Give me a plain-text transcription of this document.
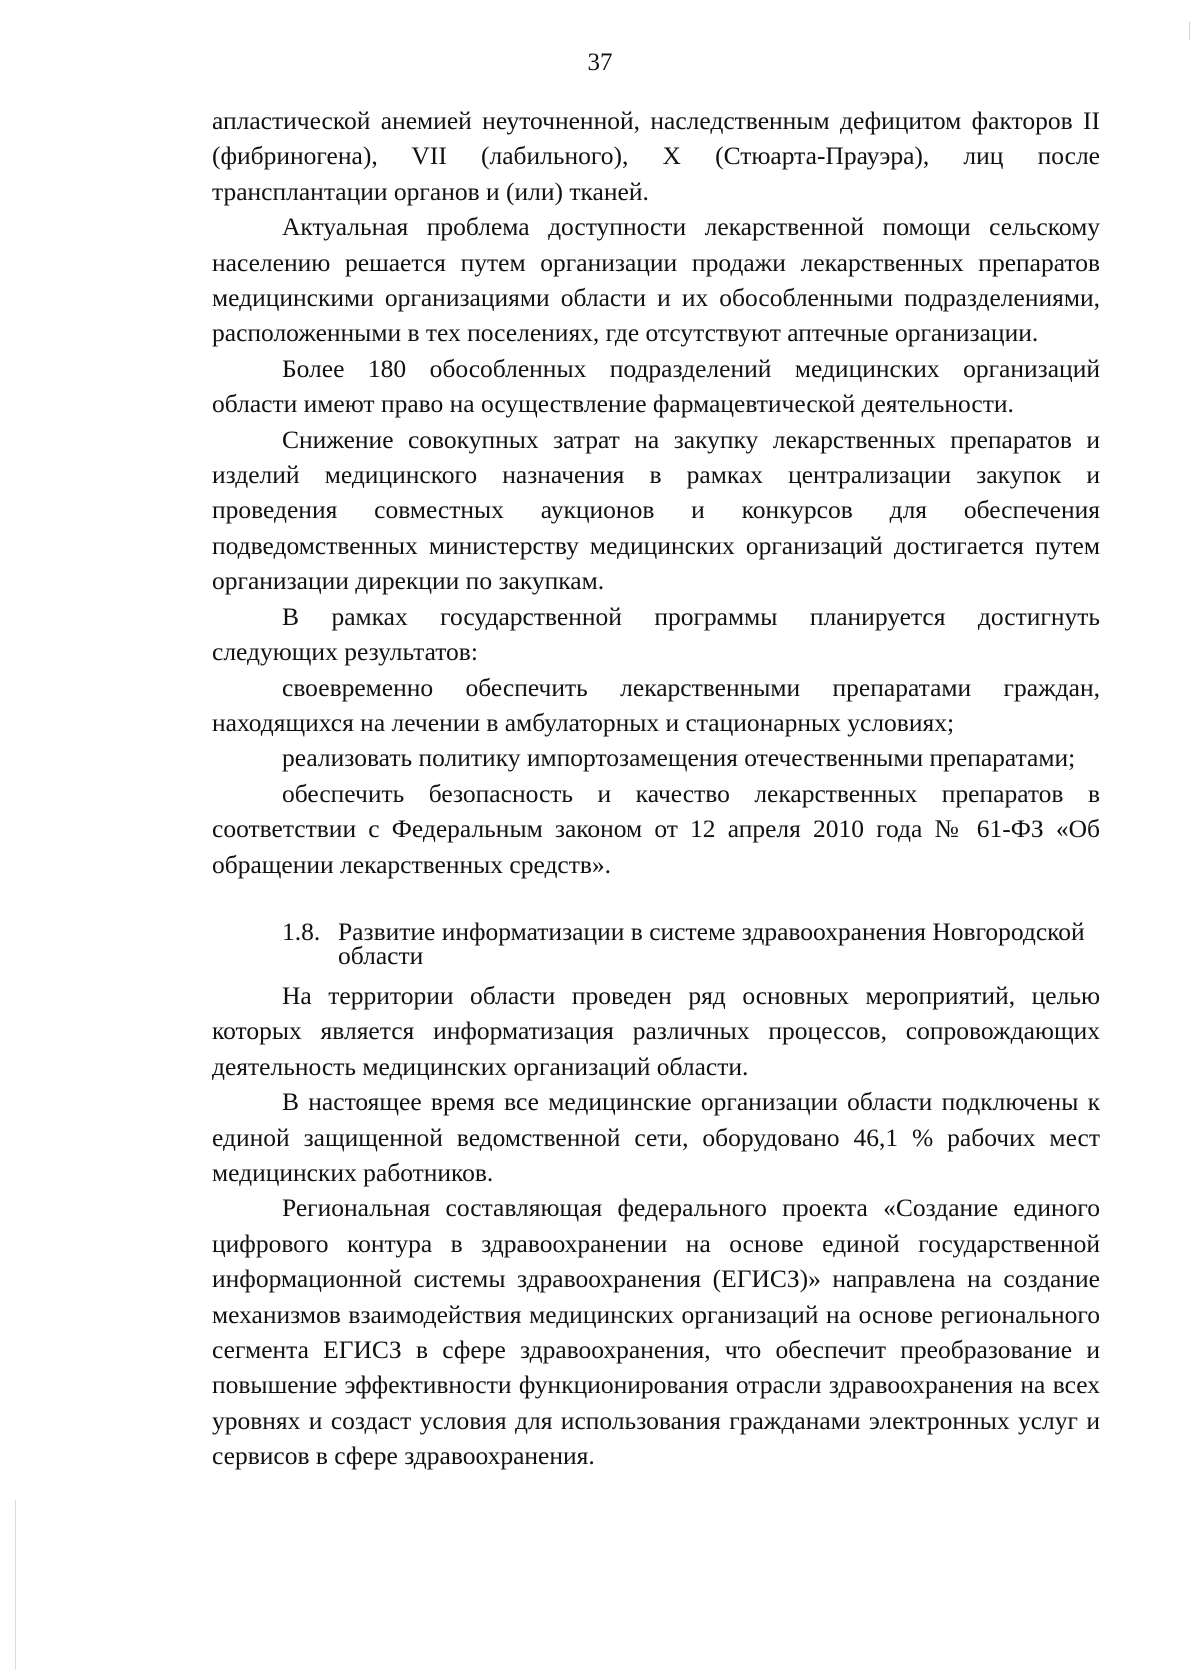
37

апластической анемией неуточненной, наследственным дефицитом факторов II (фибриногена), VII (лабильного), X (Стюарта-Прауэра), лиц после трансплантации органов и (или) тканей.

Актуальная проблема доступности лекарственной помощи сельскому населению решается путем организации продажи лекарственных препаратов медицинскими организациями области и их обособленными подразделениями, расположенными в тех поселениях, где отсутствуют аптечные организации.

Более 180 обособленных подразделений медицинских организаций области имеют право на осуществление фармацевтической деятельности.

Снижение совокупных затрат на закупку лекарственных препаратов и изделий медицинского назначения в рамках централизации закупок и проведения совместных аукционов и конкурсов для обеспечения подведомственных министерству медицинских организаций достигается путем организации дирекции по закупкам.

В рамках государственной программы планируется достигнуть следующих результатов:

своевременно обеспечить лекарственными препаратами граждан, находящихся на лечении в амбулаторных и стационарных условиях;

реализовать политику импортозамещения отечественными препаратами;

обеспечить безопасность и качество лекарственных препаратов в соответствии с Федеральным законом от 12 апреля 2010 года № 61-ФЗ «Об обращении лекарственных средств».

1.8. Развитие информатизации в системе здравоохранения Новгородской области

На территории области проведен ряд основных мероприятий, целью которых является информатизация различных процессов, сопровождающих деятельность медицинских организаций области.

В настоящее время все медицинские организации области подключены к единой защищенной ведомственной сети, оборудовано 46,1 % рабочих мест медицинских работников.

Региональная составляющая федерального проекта «Создание единого цифрового контура в здравоохранении на основе единой государственной информационной системы здравоохранения (ЕГИСЗ)» направлена на создание механизмов взаимодействия медицинских организаций на основе регионального сегмента ЕГИСЗ в сфере здравоохранения, что обеспечит преобразование и повышение эффективности функционирования отрасли здравоохранения на всех уровнях и создаст условия для использования гражданами электронных услуг и сервисов в сфере здравоохранения.
